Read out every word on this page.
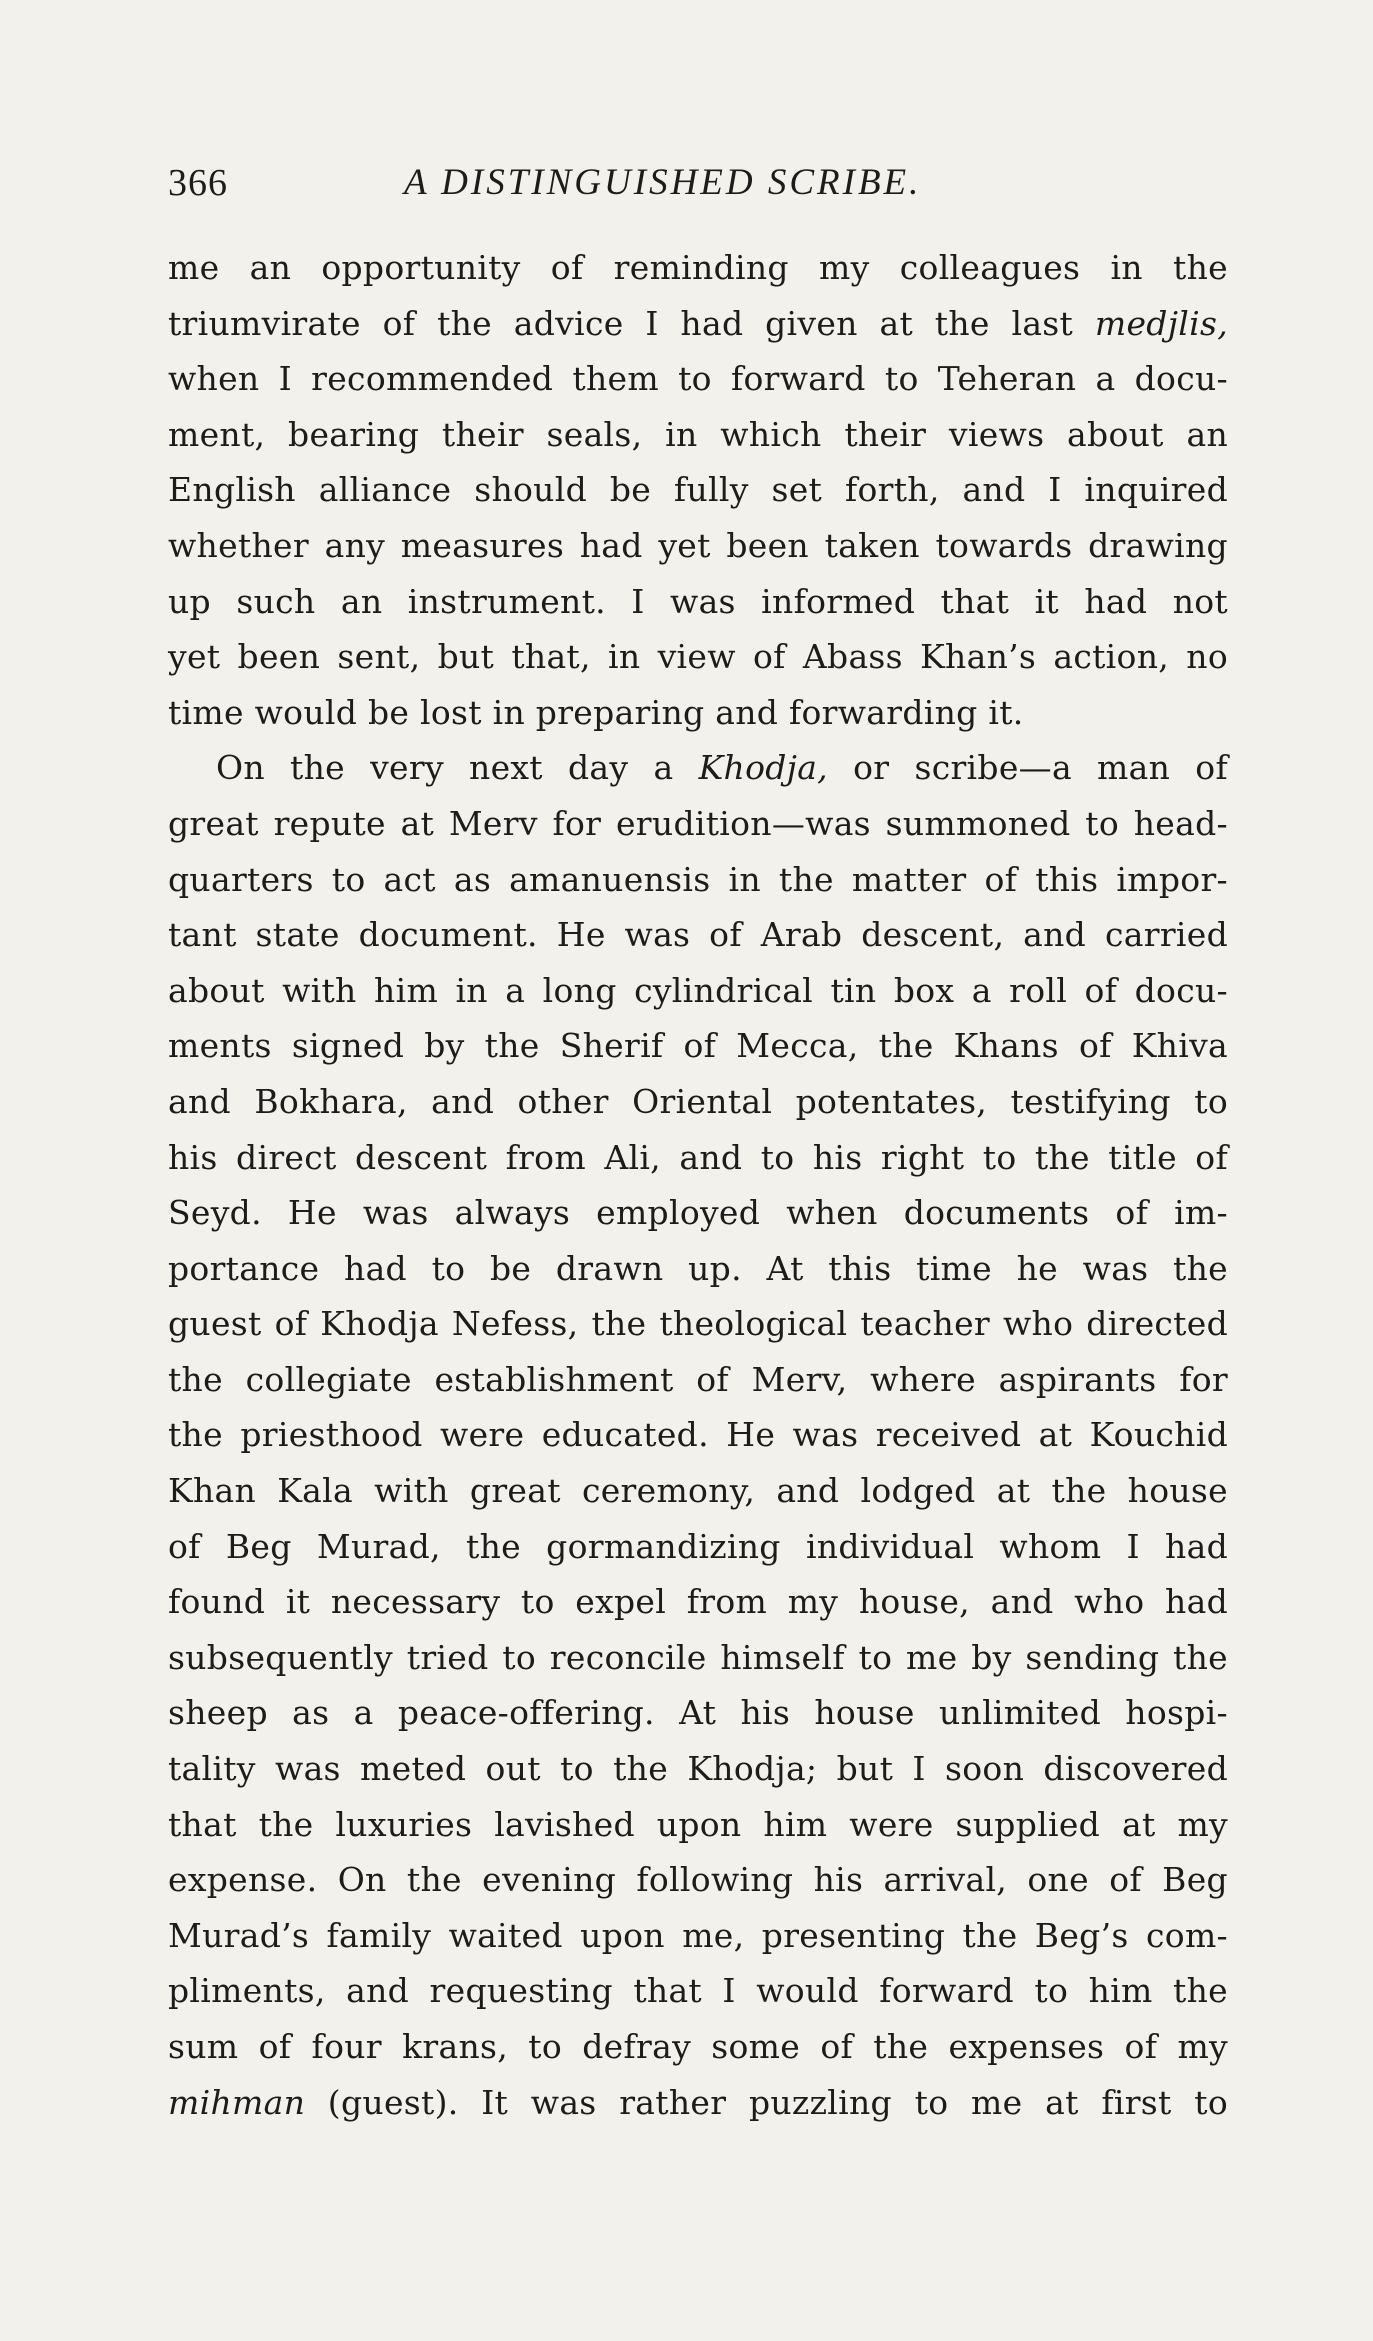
366	A DISTINGUISHED SCRIBE.
me an opportunity of reminding my colleagues in the
triumvirate of the advice I had given at the last medjlis,
when I recommended them to forward to Teheran a docu-
ment, bearing their seals, in which their views about an
English alliance should be fully set forth, and I inquired
whether any measures had yet been taken towards drawing
up such an instrument. I was informed that it had not
yet been sent, but that, in view of Abass Khan’s action, no
time would be lost in preparing and forwarding it.
On the very next day a Khodja, or scribe—a man of
great repute at Merv for erudition—was summoned to head-
quarters to act as amanuensis in the matter of this impor-
tant state document. He was of Arab descent, and carried
about with him in a long cylindrical tin box a roll of docu-
ments signed by the Sherif of Mecca, the Khans of Khiva
and Bokhara, and other Oriental potentates, testifying to
his direct descent from Ali, and to his right to the title of
Seyd. He was always employed when documents of im-
portance had to be drawn up. At this time he was the
guest of Khodja Nefess, the theological teacher who directed
the collegiate establishment of Merv, where aspirants for
the priesthood were educated. He was received at Kouchid
Khan Kala with great ceremony, and lodged at the house
of Beg Murad, the gormandizing individual whom I had
found it necessary to expel from my house, and who had
subsequently tried to reconcile himself to me by sending the
sheep as a peace-offering. At his house unlimited hospi-
tality was meted out to the Khodja; but I soon discovered
that the luxuries lavished upon him were supplied at my
expense. On the evening following his arrival, one of Beg
Murad’s family waited upon me, presenting the Beg’s com-
pliments, and requesting that I would forward to him the
sum of four krans, to defray some of the expenses of my
mihman (guest). It was rather puzzling to me at first to
